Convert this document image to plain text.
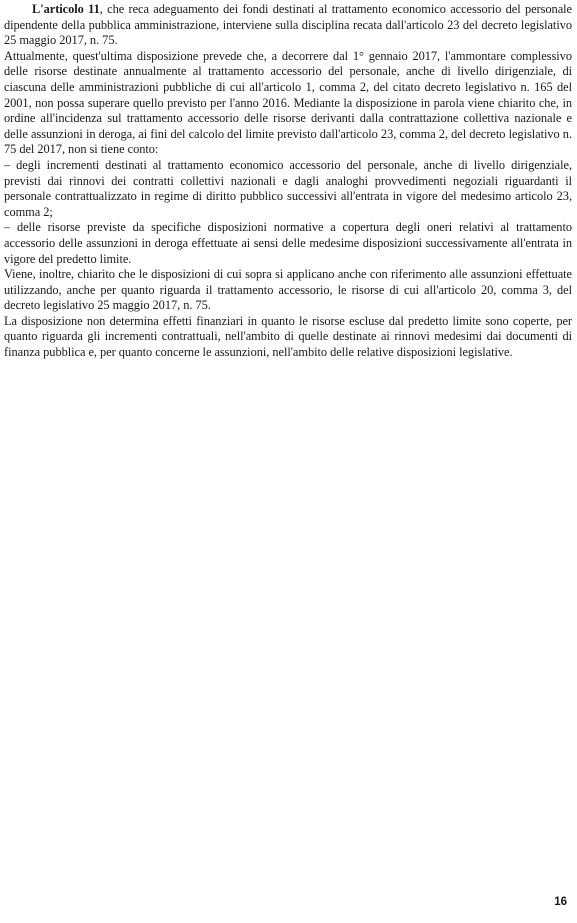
L'articolo 11, che reca adeguamento dei fondi destinati al trattamento economico accessorio del personale dipendente della pubblica amministrazione, interviene sulla disciplina recata dall'articolo 23 del decreto legislativo 25 maggio 2017, n. 75.

Attualmente, quest'ultima disposizione prevede che, a decorrere dal 1° gennaio 2017, l'ammontare complessivo delle risorse destinate annualmente al trattamento accessorio del personale, anche di livello dirigenziale, di ciascuna delle amministrazioni pubbliche di cui all'articolo 1, comma 2, del citato decreto legislativo n. 165 del 2001, non possa superare quello previsto per l'anno 2016. Mediante la disposizione in parola viene chiarito che, in ordine all'incidenza sul trattamento accessorio delle risorse derivanti dalla contrattazione collettiva nazionale e delle assunzioni in deroga, ai fini del calcolo del limite previsto dall'articolo 23, comma 2, del decreto legislativo n. 75 del 2017, non si tiene conto:

– degli incrementi destinati al trattamento economico accessorio del personale, anche di livello dirigenziale, previsti dai rinnovi dei contratti collettivi nazionali e dagli analoghi provvedimenti negoziali riguardanti il personale contrattualizzato in regime di diritto pubblico successivi all'entrata in vigore del medesimo articolo 23, comma 2;

– delle risorse previste da specifiche disposizioni normative a copertura degli oneri relativi al trattamento accessorio delle assunzioni in deroga effettuate ai sensi delle medesime disposizioni successivamente all'entrata in vigore del predetto limite.

Viene, inoltre, chiarito che le disposizioni di cui sopra si applicano anche con riferimento alle assunzioni effettuate utilizzando, anche per quanto riguarda il trattamento accessorio, le risorse di cui all'articolo 20, comma 3, del decreto legislativo 25 maggio 2017, n. 75.

La disposizione non determina effetti finanziari in quanto le risorse escluse dal predetto limite sono coperte, per quanto riguarda gli incrementi contrattuali, nell'ambito di quelle destinate ai rinnovi medesimi dai documenti di finanza pubblica e, per quanto concerne le assunzioni, nell'ambito delle relative disposizioni legislative.

16
